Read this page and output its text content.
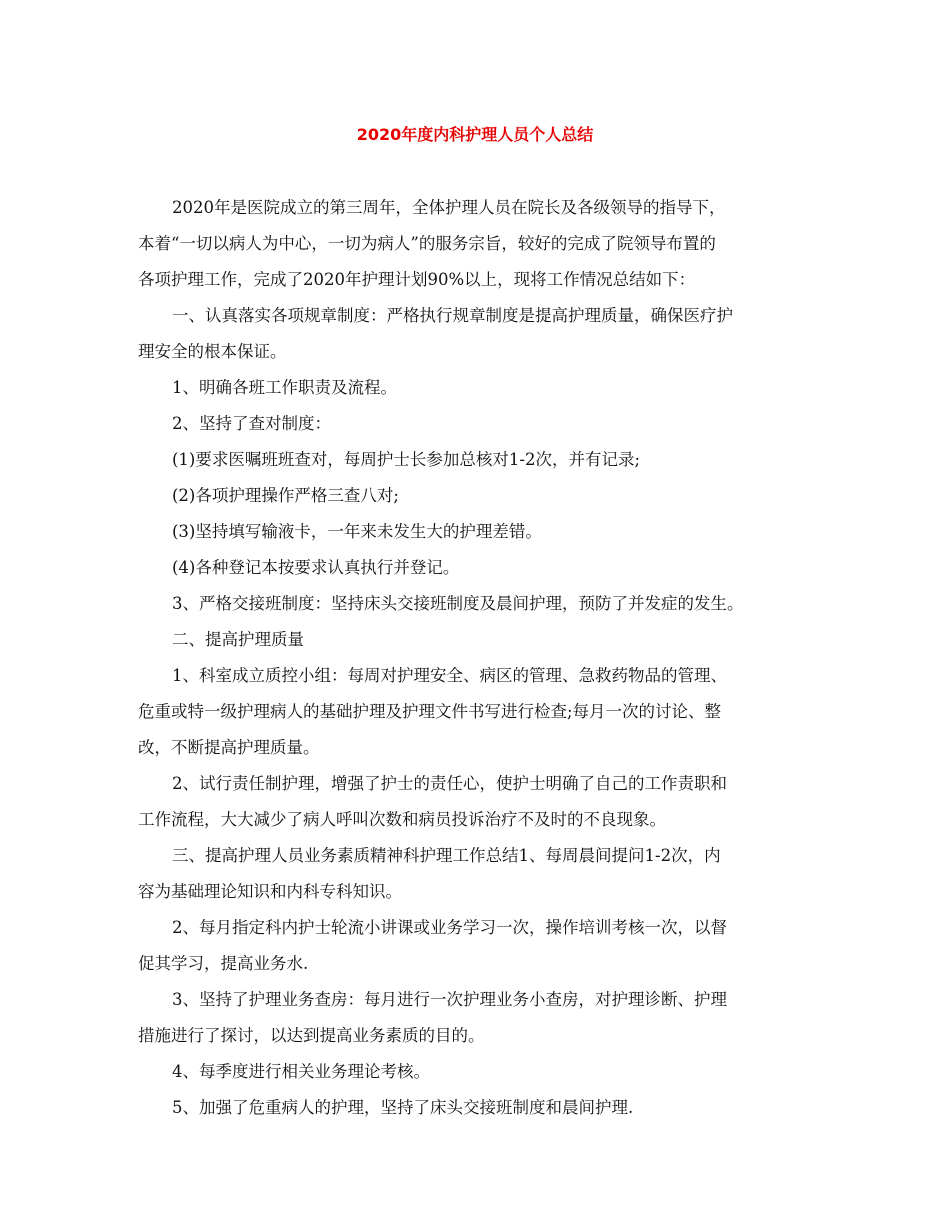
2020年度内科护理人员个人总结

2020年是医院成立的第三周年，全体护理人员在院长及各级领导的指导下，
本着“一切以病人为中心，一切为病人”的服务宗旨，较好的完成了院领导布置的
各项护理工作，完成了2020年护理计划90%以上，现将工作情况总结如下：

一、认真落实各项规章制度：严格执行规章制度是提高护理质量，确保医疗护
理安全的根本保证。

1、明确各班工作职责及流程。

2、坚持了查对制度：

(1)要求医嘱班班查对，每周护士长参加总核对1-2次，并有记录;

(2)各项护理操作严格三查八对;

(3)坚持填写输液卡，一年来未发生大的护理差错。

(4)各种登记本按要求认真执行并登记。

3、严格交接班制度：坚持床头交接班制度及晨间护理，预防了并发症的发生。

二、提高护理质量

1、科室成立质控小组：每周对护理安全、病区的管理、急救药物品的管理、
危重或特一级护理病人的基础护理及护理文件书写进行检查;每月一次的讨论、整
改，不断提高护理质量。

2、试行责任制护理，增强了护士的责任心，使护士明确了自己的工作责职和
工作流程，大大减少了病人呼叫次数和病员投诉治疗不及时的不良现象。

三、提高护理人员业务素质精神科护理工作总结1、每周晨间提问1-2次，内
容为基础理论知识和内科专科知识。

2、每月指定科内护士轮流小讲课或业务学习一次，操作培训考核一次，以督
促其学习，提高业务水.

3、坚持了护理业务查房：每月进行一次护理业务小查房，对护理诊断、护理
措施进行了探讨，以达到提高业务素质的目的。

4、每季度进行相关业务理论考核。

5、加强了危重病人的护理，坚持了床头交接班制度和晨间护理.
